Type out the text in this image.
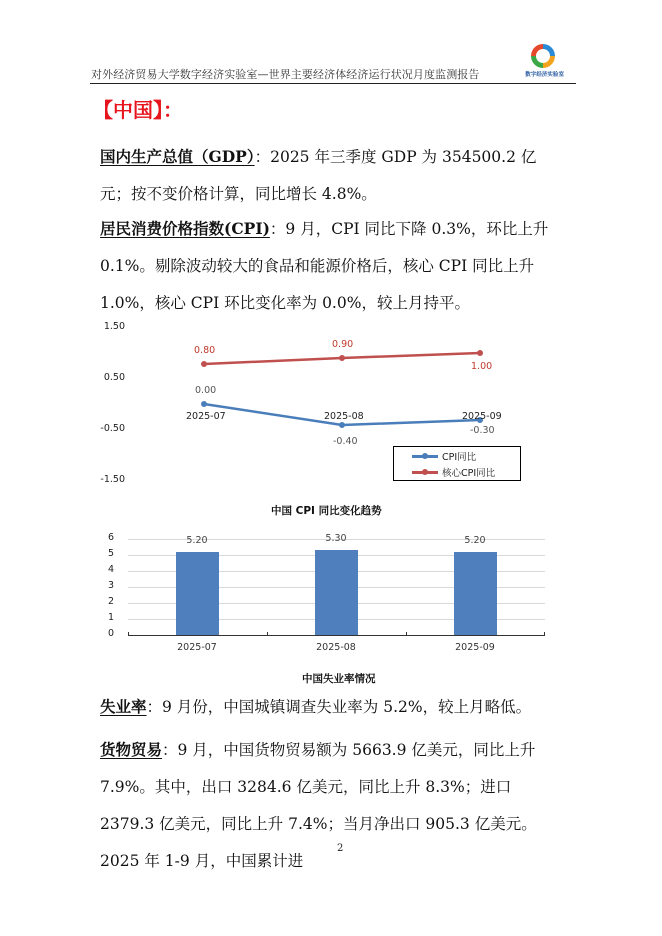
对外经济贸易大学数字经济实验室—世界主要经济体经济运行状况月度监测报告	数字经济实验室
【中国】：
国内生产总值（GDP）：2025 年三季度 GDP 为 354500.2 亿元；按不变价格计算，同比增长 4.8%。
居民消费价格指数(CPI)：9 月，CPI 同比下降 0.3%，环比上升 0.1%。剔除波动较大的食品和能源价格后，核心 CPI 同比上升 1.0%，核心 CPI 环比变化率为 0.0%，较上月持平。
1.50
0.50
-0.50
-1.50
0.80
0.90
1.00
0.00
-0.40
-0.30
2025-07	2025-08	2025-09
CPI同比
核心CPI同比
中国 CPI 同比变化趋势
6
5
4
3
2
1
0
5.20	5.30	5.20
2025-07	2025-08	2025-09
中国失业率情况
失业率：9 月份，中国城镇调查失业率为 5.2%，较上月略低。
货物贸易：9 月，中国货物贸易额为 5663.9 亿美元，同比上升 7.9%。其中，出口 3284.6 亿美元，同比上升 8.3%；进口 2379.3 亿美元，同比上升 7.4%；当月净出口 905.3 亿美元。2025 年 1-9 月，中国累计进
2
